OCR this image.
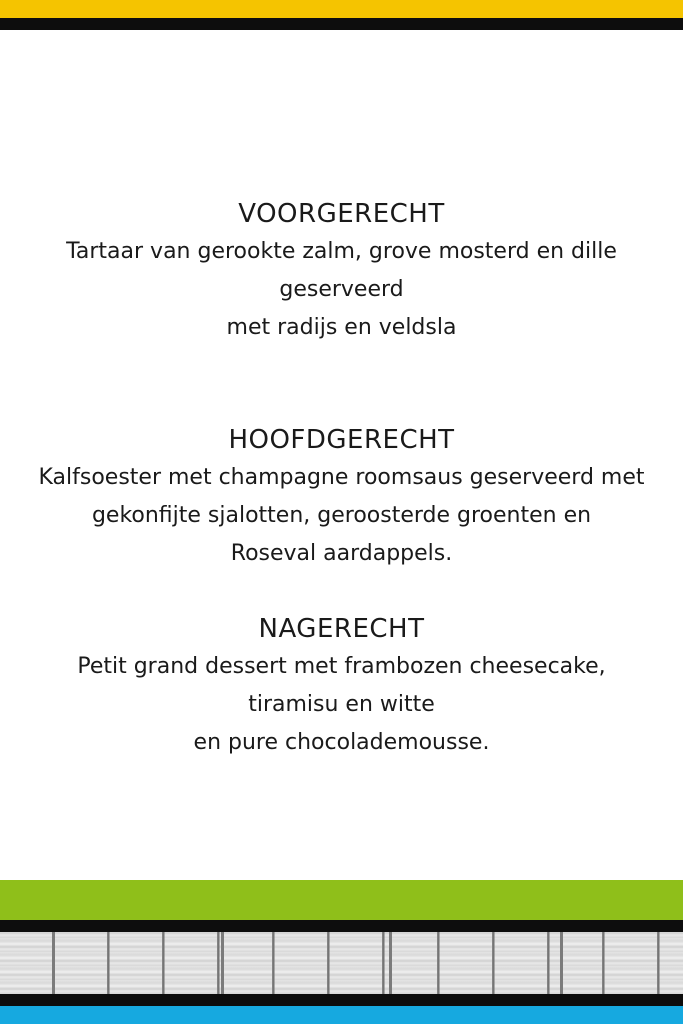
VOORGERECHT
Tartaar van gerookte zalm, grove mosterd en dille
geserveerd
met radijs en veldsla
HOOFDGERECHT
Kalfsoester met champagne roomsaus geserveerd met
gekonfijte sjalotten, geroosterde groenten en
Roseval aardappels.
NAGERECHT
Petit grand dessert met frambozen cheesecake,
tiramisu en witte
en pure chocolademousse.
